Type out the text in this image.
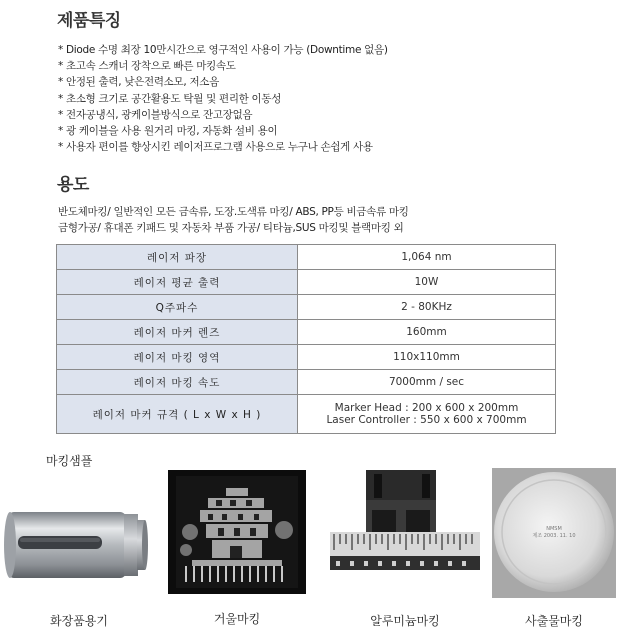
제품특징
* Diode 수명 최장 10만시간으로 영구적인 사용이 가능 (Downtime 없음)
* 초고속 스캐너 장착으로 빠른 마킹속도
* 안정된 출력, 낮은전력소모, 저소음
* 초소형 크기로 공간활용도 탁월 및 편리한 이동성
* 전자공냉식, 광케이블방식으로 잔고장없음
* 광 케이블을 사용 원거리 마킹, 자동화 설비 용이
* 사용자 편이를 향상시킨 레이저프로그램 사용으로 누구나 손쉽게 사용
용도
반도체마킹/ 일반적인 모든 금속류, 도장.도색류 마킹/ ABS, PP등 비금속류 마킹
금형가공/ 휴대폰 키패드 및 자동차 부품 가공/ 티타늄,SUS 마킹및 블랙마킹 외
레이저 파장	1,064 nm
레이저 평균 출력	10W
Q주파수	2 - 80KHz
레이저 마커 렌즈	160mm
레이저 마킹 영역	110x110mm
레이저 마킹 속도	7000mm / sec
레이저 마커 규격 ( L x W x H )	Marker Head : 200 x 600 x 200mm
Laser Controller : 550 x 600 x 700mm
마킹샘플
NMSM
제조 2003. 11. 10
화장품용기	거울마킹	알루미늄마킹	사출물마킹
